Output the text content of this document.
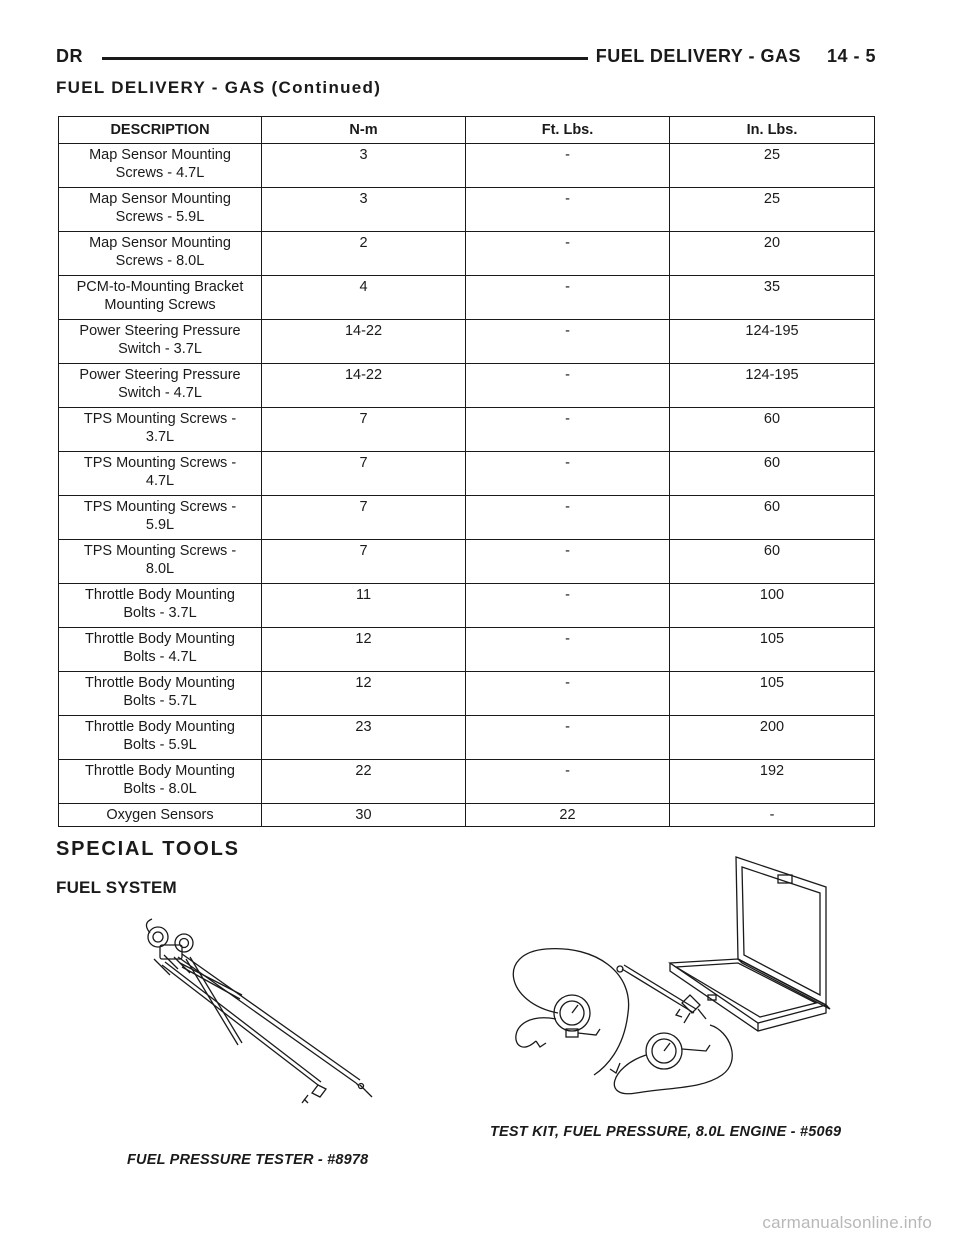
DR	FUEL DELIVERY - GAS 14 - 5
FUEL DELIVERY - GAS (Continued)
DESCRIPTION	N-m	Ft. Lbs.	In. Lbs.
Map Sensor Mounting
Screws - 4.7L	3	-	25
Map Sensor Mounting
Screws - 5.9L	3	-	25
Map Sensor Mounting
Screws - 8.0L	2	-	20
PCM-to-Mounting Bracket
Mounting Screws	4	-	35
Power Steering Pressure
Switch - 3.7L	14-22	-	124-195
Power Steering Pressure
Switch - 4.7L	14-22	-	124-195
TPS Mounting Screws -
3.7L	7	-	60
TPS Mounting Screws -
4.7L	7	-	60
TPS Mounting Screws -
5.9L	7	-	60
TPS Mounting Screws -
8.0L	7	-	60
Throttle Body Mounting
Bolts - 3.7L	11	-	100
Throttle Body Mounting
Bolts - 4.7L	12	-	105
Throttle Body Mounting
Bolts - 5.7L	12	-	105
Throttle Body Mounting
Bolts - 5.9L	23	-	200
Throttle Body Mounting
Bolts - 8.0L	22	-	192
Oxygen Sensors	30	22	-
SPECIAL TOOLS
FUEL SYSTEM
FUEL PRESSURE TESTER - #8978
TEST KIT, FUEL PRESSURE, 8.0L ENGINE - #5069
carmanualsonline.info
